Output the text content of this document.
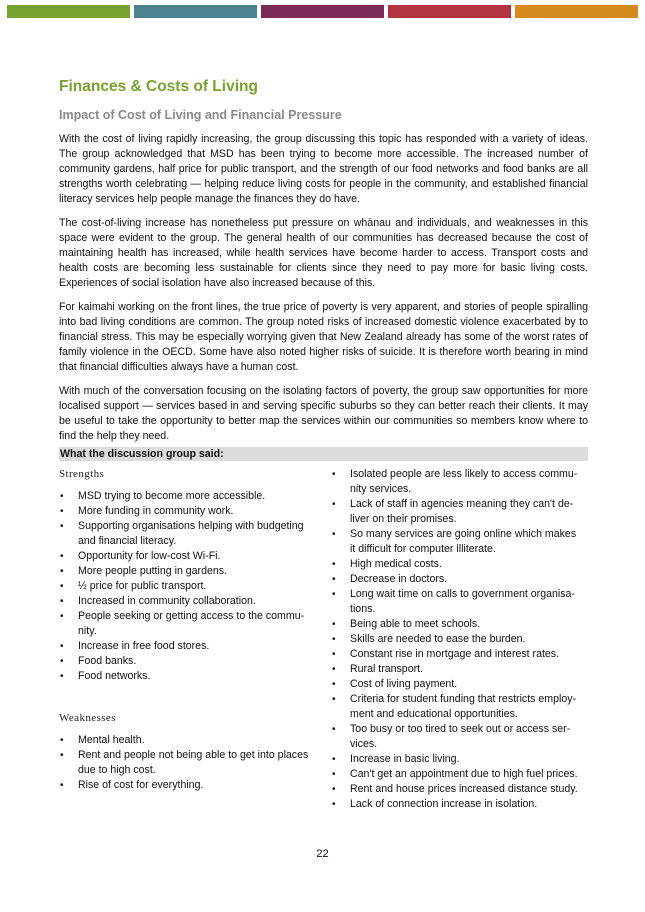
Finances & Costs of Living
Impact of Cost of Living and Financial Pressure

With the cost of living rapidly increasing, the group discussing this topic has responded with a variety of ideas. The group acknowledged that MSD has been trying to become more accessible. The increased number of community gardens, half price for public transport, and the strength of our food networks and food banks are all strengths worth celebrating — helping reduce living costs for people in the community, and established financial literacy services help people manage the finances they do have.

The cost-of-living increase has nonetheless put pressure on whānau and individuals, and weaknesses in this space were evident to the group. The general health of our communities has decreased because the cost of maintaining health has increased, while health services have become harder to access. Transport costs and health costs are becoming less sustainable for clients since they need to pay more for basic living costs. Experiences of social isolation have also increased because of this.

For kaimahi working on the front lines, the true price of poverty is very apparent, and stories of people spiralling into bad living conditions are common. The group noted risks of increased domestic violence exacerbated by to financial stress. This may be especially worrying given that New Zealand already has some of the worst rates of family violence in the OECD. Some have also noted higher risks of suicide. It is therefore worth bearing in mind that financial difficulties always have a human cost.

With much of the conversation focusing on the isolating factors of poverty, the group saw opportunities for more localised support — services based in and serving specific suburbs so they can better reach their clients. It may be useful to take the opportunity to better map the services within our communities so members know where to find the help they need.

What the discussion group said:
Strengths
• MSD trying to become more accessible.
• More funding in community work.
• Supporting organisations helping with budgeting and financial literacy.
• Opportunity for low-cost Wi-Fi.
• More people putting in gardens.
• ½ price for public transport.
• Increased in community collaboration.
• People seeking or getting access to the commu-nity.
• Increase in free food stores.
• Food banks.
• Food networks.
Weaknesses
• Mental health.
• Rent and people not being able to get into places due to high cost.
• Rise of cost for everything.
• Isolated people are less likely to access commu-nity services.
• Lack of staff in agencies meaning they can't de-liver on their promises.
• So many services are going online which makes it difficult for computer illiterate.
• High medical costs.
• Decrease in doctors.
• Long wait time on calls to government organisa-tions.
• Being able to meet schools.
• Skills are needed to ease the burden.
• Constant rise in mortgage and interest rates.
• Rural transport.
• Cost of living payment.
• Criteria for student funding that restricts employ-ment and educational opportunities.
• Too busy or too tired to seek out or access ser-vices.
• Increase in basic living.
• Can't get an appointment due to high fuel prices.
• Rent and house prices increased distance study.
• Lack of connection increase in isolation.
22
